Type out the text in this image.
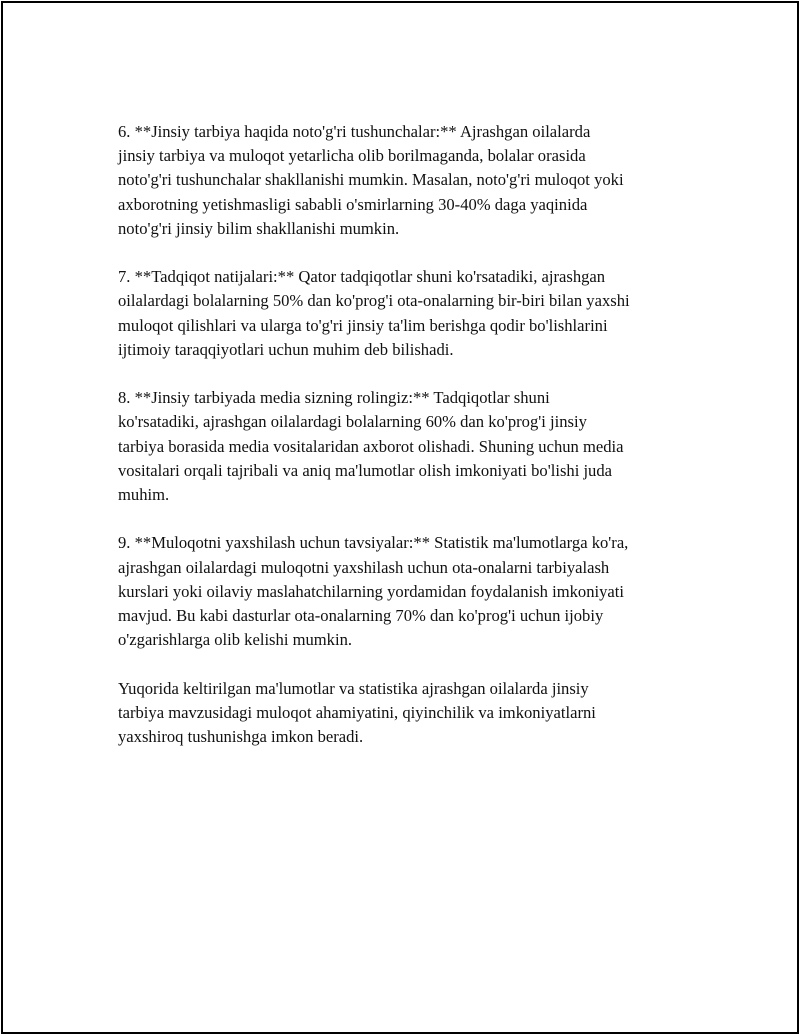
6. **Jinsiy tarbiya haqida noto'g'ri tushunchalar:** Ajrashgan oilalarda
jinsiy tarbiya va muloqot yetarlicha olib borilmaganda, bolalar orasida
noto'g'ri tushunchalar shakllanishi mumkin. Masalan, noto'g'ri muloqot yoki
axborotning yetishmasligi sababli o'smirlarning 30-40% daga yaqinida
noto'g'ri jinsiy bilim shakllanishi mumkin.

7. **Tadqiqot natijalari:** Qator tadqiqotlar shuni ko'rsatadiki, ajrashgan
oilalardagi bolalarning 50% dan ko'prog'i ota-onalarning bir-biri bilan yaxshi
muloqot qilishlari va ularga to'g'ri jinsiy ta'lim berishga qodir bo'lishlarini
ijtimoiy taraqqiyotlari uchun muhim deb bilishadi.

8. **Jinsiy tarbiyada media sizning rolingiz:** Tadqiqotlar shuni
ko'rsatadiki, ajrashgan oilalardagi bolalarning 60% dan ko'prog'i jinsiy
tarbiya borasida media vositalaridan axborot olishadi. Shuning uchun media
vositalari orqali tajribali va aniq ma'lumotlar olish imkoniyati bo'lishi juda
muhim.

9. **Muloqotni yaxshilash uchun tavsiyalar:** Statistik ma'lumotlarga ko'ra,
ajrashgan oilalardagi muloqotni yaxshilash uchun ota-onalarni tarbiyalash
kurslari yoki oilaviy maslahatchilarning yordamidan foydalanish imkoniyati
mavjud. Bu kabi dasturlar ota-onalarning 70% dan ko'prog'i uchun ijobiy
o'zgarishlarga olib kelishi mumkin.

Yuqorida keltirilgan ma'lumotlar va statistika ajrashgan oilalarda jinsiy
tarbiya mavzusidagi muloqot ahamiyatini, qiyinchilik va imkoniyatlarni
yaxshiroq tushunishga imkon beradi.
